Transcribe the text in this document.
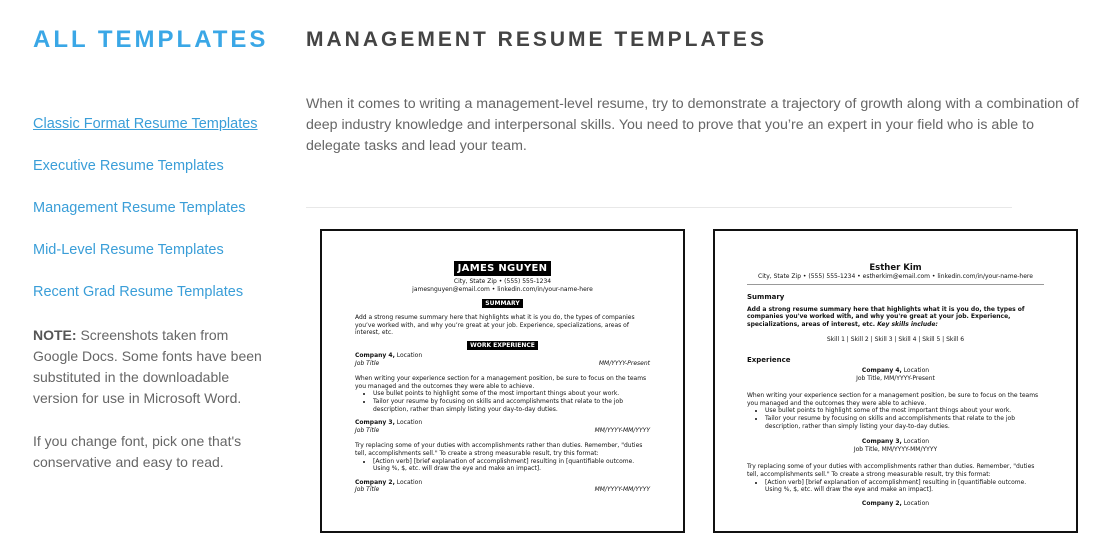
ALL TEMPLATES
Classic Format Resume Templates
Executive Resume Templates
Management Resume Templates
Mid-Level Resume Templates
Recent Grad Resume Templates

NOTE: Screenshots taken from Google Docs. Some fonts have been substituted in the downloadable version for use in Microsoft Word.

If you change font, pick one that's conservative and easy to read.

MANAGEMENT RESUME TEMPLATES
When it comes to writing a management-level resume, try to demonstrate a trajectory of growth along with a combination of deep industry knowledge and interpersonal skills. You need to prove that you’re an expert in your field who is able to delegate tasks and lead your team.
JAMES NGUYEN
City, State Zip • (555) 555-1234
jamesnguyen@email.com • linkedin.com/in/your-name-here
SUMMARY
Add a strong resume summary here that highlights what it is you do, the types of companies you’ve worked with, and why you’re great at your job. Experience, specializations, areas of interest, etc.
WORK EXPERIENCE
Company 4, Location
Job Title	MM/YYYY-Present
When writing your experience section for a management position, be sure to focus on the teams you managed and the outcomes they were able to achieve.
• Use bullet points to highlight some of the most important things about your work.
• Tailor your resume by focusing on skills and accomplishments that relate to the job description, rather than simply listing your day-to-day duties.
Company 3, Location
Job Title	MM/YYYY-MM/YYYY
Try replacing some of your duties with accomplishments rather than duties. Remember, "duties tell, accomplishments sell." To create a strong measurable result, try this format:
• [Action verb] [brief explanation of accomplishment] resulting in [quantifiable outcome. Using %, $, etc. will draw the eye and make an impact].
Company 2, Location
Job Title	MM/YYYY-MM/YYYY
Esther Kim
City, State Zip • (555) 555-1234 • estherkim@email.com • linkedin.com/in/your-name-here
Summary
Add a strong resume summary here that highlights what it is you do, the types of companies you've worked with, and why you're great at your job. Experience, specializations, areas of interest, etc. Key skills include:
Skill 1 | Skill 2 | Skill 3 | Skill 4 | Skill 5 | Skill 6
Experience
Company 4, Location
Job Title, MM/YYYY-Present
When writing your experience section for a management position, be sure to focus on the teams you managed and the outcomes they were able to achieve.
• Use bullet points to highlight some of the most important things about your work.
• Tailor your resume by focusing on skills and accomplishments that relate to the job description, rather than simply listing your day-to-day duties.
Company 3, Location
Job Title, MM/YYYY-MM/YYYY
Try replacing some of your duties with accomplishments rather than duties. Remember, "duties tell, accomplishments sell." To create a strong measurable result, try this format:
• [Action verb] [brief explanation of accomplishment] resulting in [quantifiable outcome. Using %, $, etc. will draw the eye and make an impact].
Company 2, Location
